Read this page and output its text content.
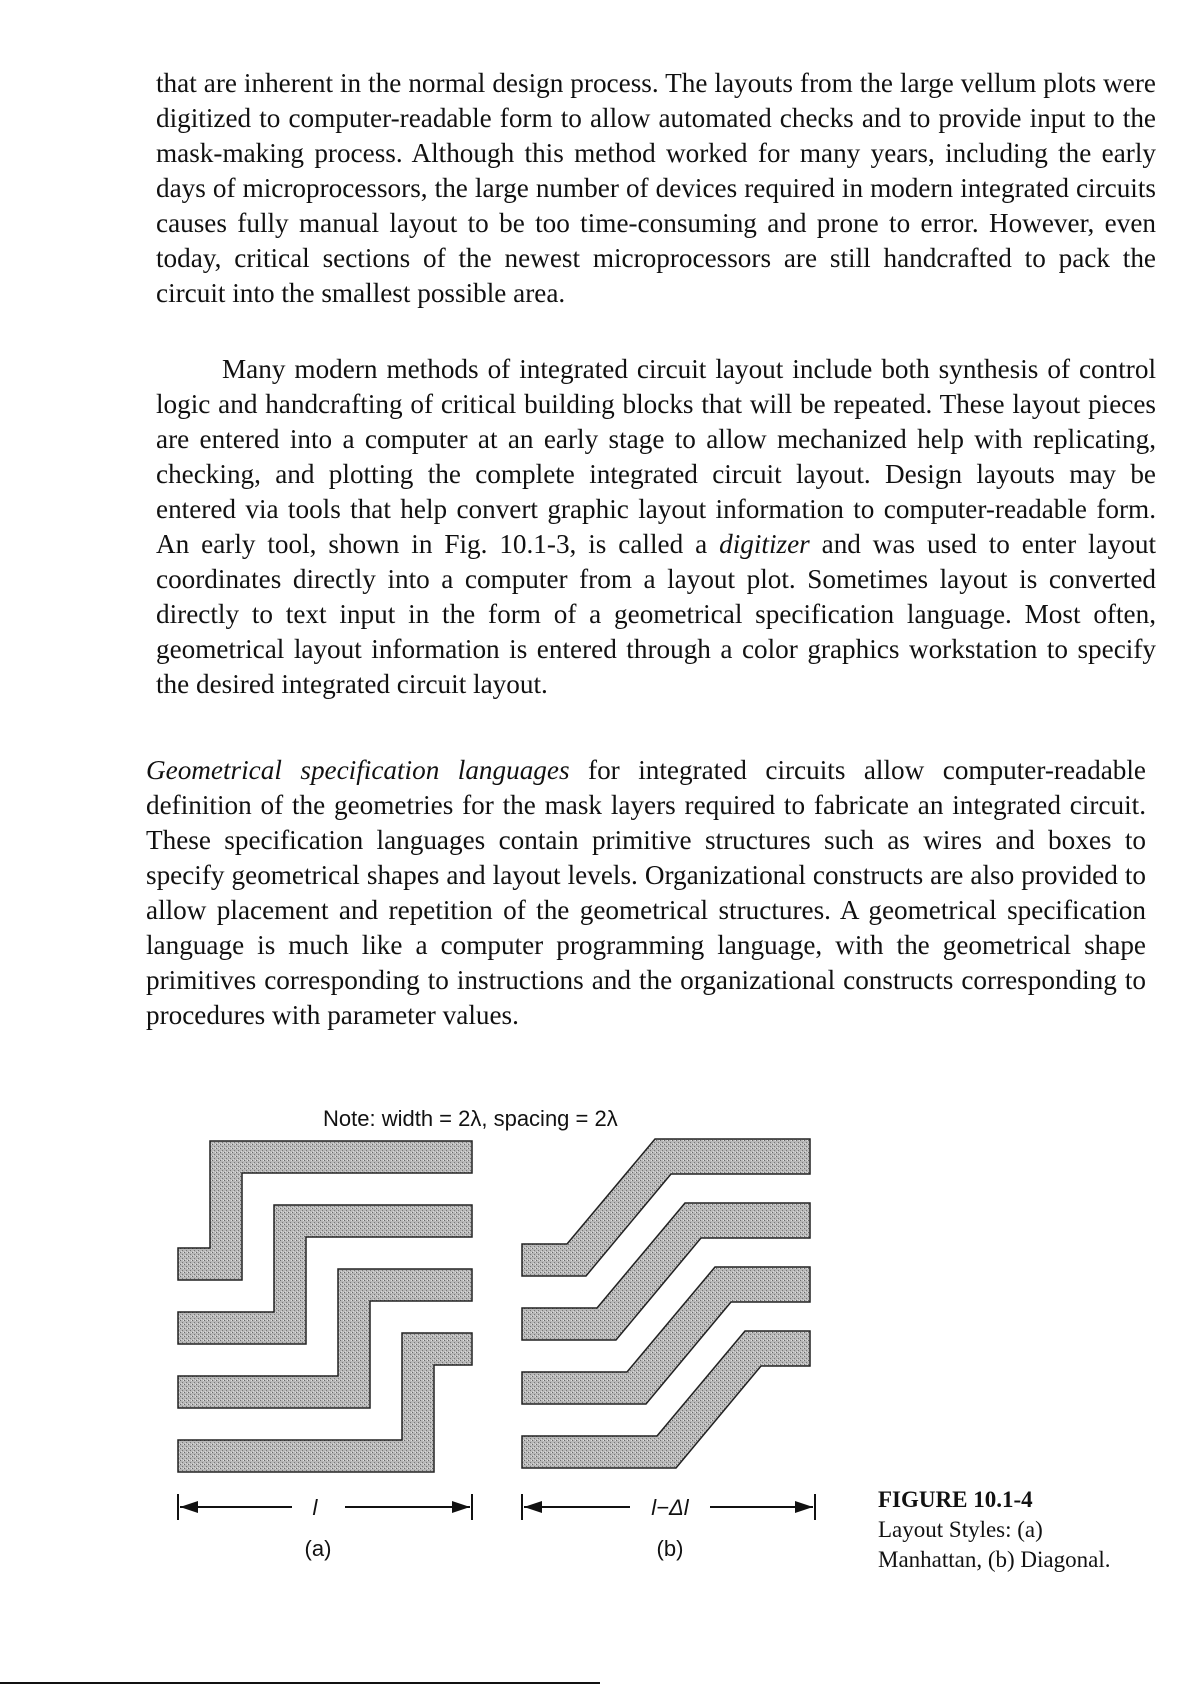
that are inherent in the normal design process. The layouts from the large vellum plots were digitized to computer-readable form to allow automated checks and to provide input to the mask-making process. Although this method worked for many years, including the early days of microprocessors, the large number of devices required in modern integrated circuits causes fully manual layout to be too time-consuming and prone to error. However, even today, critical sections of the newest microprocessors are still handcrafted to pack the circuit into the smallest possible area.

Many modern methods of integrated circuit layout include both synthesis of control logic and handcrafting of critical building blocks that will be repeated. These layout pieces are entered into a computer at an early stage to allow mechanized help with replicating, checking, and plotting the complete integrated circuit layout. Design layouts may be entered via tools that help convert graphic layout information to computer-readable form. An early tool, shown in Fig. 10.1-3, is called a digitizer and was used to enter layout coordinates directly into a computer from a layout plot. Sometimes layout is converted directly to text input in the form of a geometrical specification language. Most often, geometrical layout information is entered through a color graphics workstation to specify the desired integrated circuit layout.

Geometrical specification languages for integrated circuits allow computer-readable definition of the geometries for the mask layers required to fabricate an integrated circuit. These specification languages contain primitive structures such as wires and boxes to specify geometrical shapes and layout levels. Organizational constructs are also provided to allow placement and repetition of the geometrical structures. A geometrical specification language is much like a computer programming language, with the geometrical shape primitives corresponding to instructions and the organizational constructs corresponding to procedures with parameter values.

Note: width = 2λ, spacing = 2λ
l	l−Δl
(a)	(b)
FIGURE 10.1-4
Layout Styles: (a) Manhattan, (b) Diagonal.
